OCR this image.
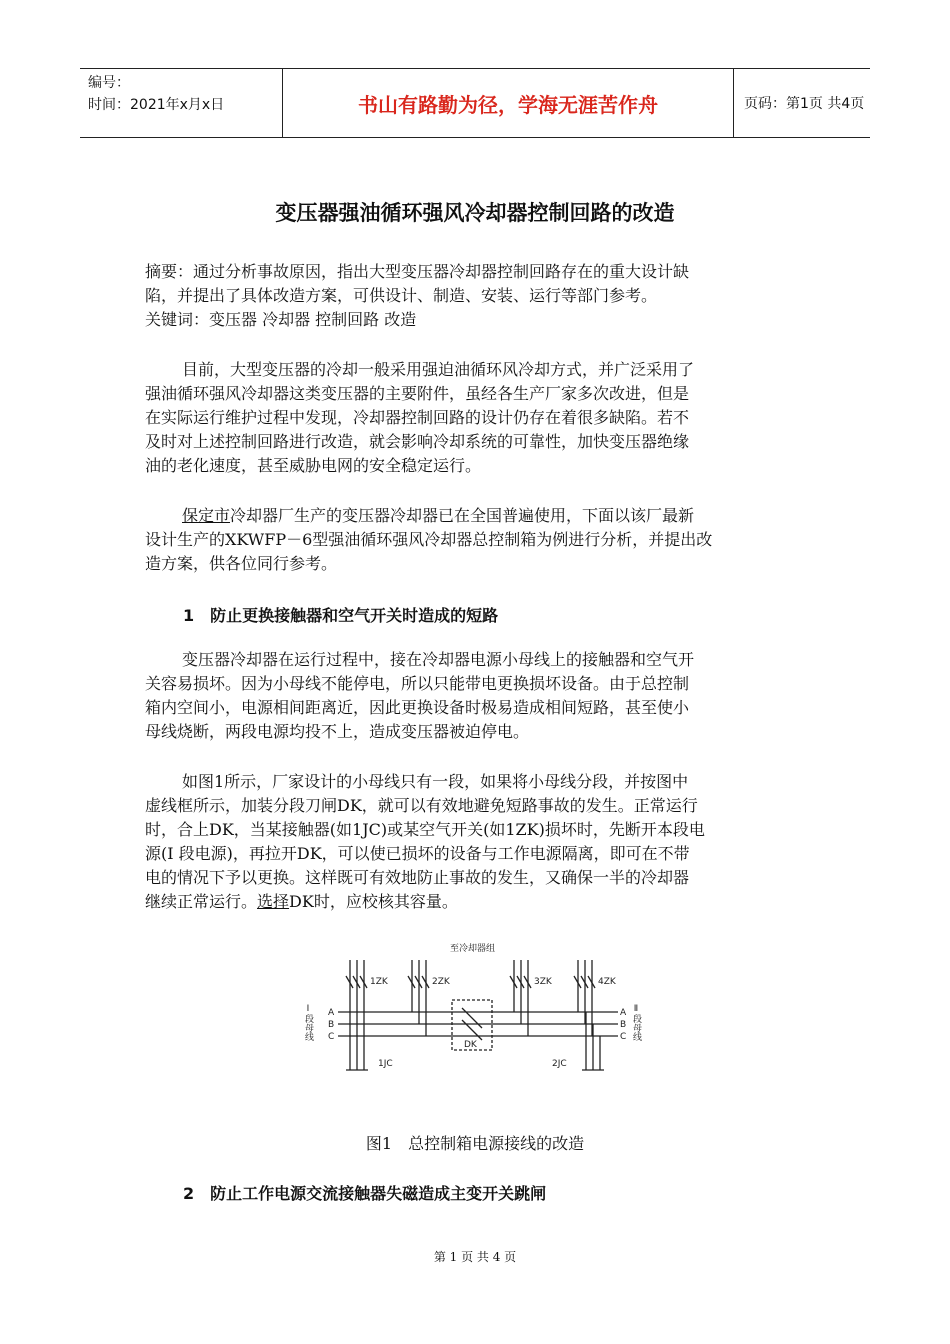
编号：
时间：2021年x月x日	书山有路勤为径，学海无涯苦作舟	页码：第1页 共4页
变压器强油循环强风冷却器控制回路的改造
摘要：通过分析事故原因，指出大型变压器冷却器控制回路存在的重大设计缺
陷，并提出了具体改造方案，可供设计、制造、安装、运行等部门参考。
关键词：变压器 冷却器 控制回路 改造
目前，大型变压器的冷却一般采用强迫油循环风冷却方式，并广泛采用了
强油循环强风冷却器这类变压器的主要附件，虽经各生产厂家多次改进，但是
在实际运行维护过程中发现，冷却器控制回路的设计仍存在着很多缺陷。若不
及时对上述控制回路进行改造，就会影响冷却系统的可靠性，加快变压器绝缘
油的老化速度，甚至威胁电网的安全稳定运行。
保定市冷却器厂生产的变压器冷却器已在全国普遍使用，下面以该厂最新
设计生产的XKWFP－6型强油循环强风冷却器总控制箱为例进行分析，并提出改
造方案，供各位同行参考。
1　防止更换接触器和空气开关时造成的短路
变压器冷却器在运行过程中，接在冷却器电源小母线上的接触器和空气开
关容易损坏。因为小母线不能停电，所以只能带电更换损坏设备。由于总控制
箱内空间小，电源相间距离近，因此更换设备时极易造成相间短路，甚至使小
母线烧断，两段电源均投不上，造成变压器被迫停电。
如图1所示，厂家设计的小母线只有一段，如果将小母线分段，并按图中
虚线框所示，加装分段刀闸DK，就可以有效地避免短路事故的发生。正常运行
时，合上DK，当某接触器(如1JC)或某空气开关(如1ZK)损坏时，先断开本段电
源(Ⅰ 段电源)，再拉开DK，可以使已损坏的设备与工作电源隔离，即可在不带
电的情况下予以更换。这样既可有效地防止事故的发生，又确保一半的冷却器
继续正常运行。选择DK时，应校核其容量。
至冷却器组
1ZK	2ZK	3ZK	4ZK
Ⅰ段母线	Ⅱ段母线
A
B
C
A
B
C
DK
1JC	2JC
图1　总控制箱电源接线的改造
2　防止工作电源交流接触器失磁造成主变开关跳闸
第 1 页 共 4 页
